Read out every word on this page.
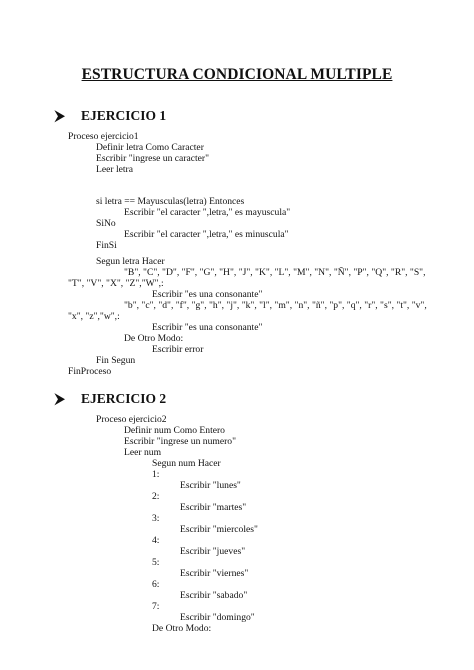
ESTRUCTURA CONDICIONAL MULTIPLE
⮞ EJERCICIO 1
Proceso ejercicio1
Definir letra Como Caracter
Escribir "ingrese un caracter"
Leer letra
si letra == Mayusculas(letra) Entonces
Escribir "el caracter ",letra," es mayuscula"
SiNo
Escribir "el caracter ",letra," es minuscula"
FinSi
Segun letra Hacer
"B", "C", "D", "F", "G", "H", "J", "K", "L", "M", "N", "Ñ", "P", "Q", "R", "S",
"T", "V", "X", "Z","W",:
Escribir "es una consonante"
"b", "c", "d", "f", "g", "h", "j", "k", "l", "m", "n", "ñ", "p", "q", "r", "s", "t", "v",
"x", "z","w",:
Escribir "es una consonante"
De Otro Modo:
Escribir error
Fin Segun
FinProceso
⮞ EJERCICIO 2
Proceso ejercicio2
Definir num Como Entero
Escribir "ingrese un numero"
Leer num
Segun num Hacer
1:
Escribir "lunes"
2:
Escribir "martes"
3:
Escribir "miercoles"
4:
Escribir "jueves"
5:
Escribir "viernes"
6:
Escribir "sabado"
7:
Escribir "domingo"
De Otro Modo:
